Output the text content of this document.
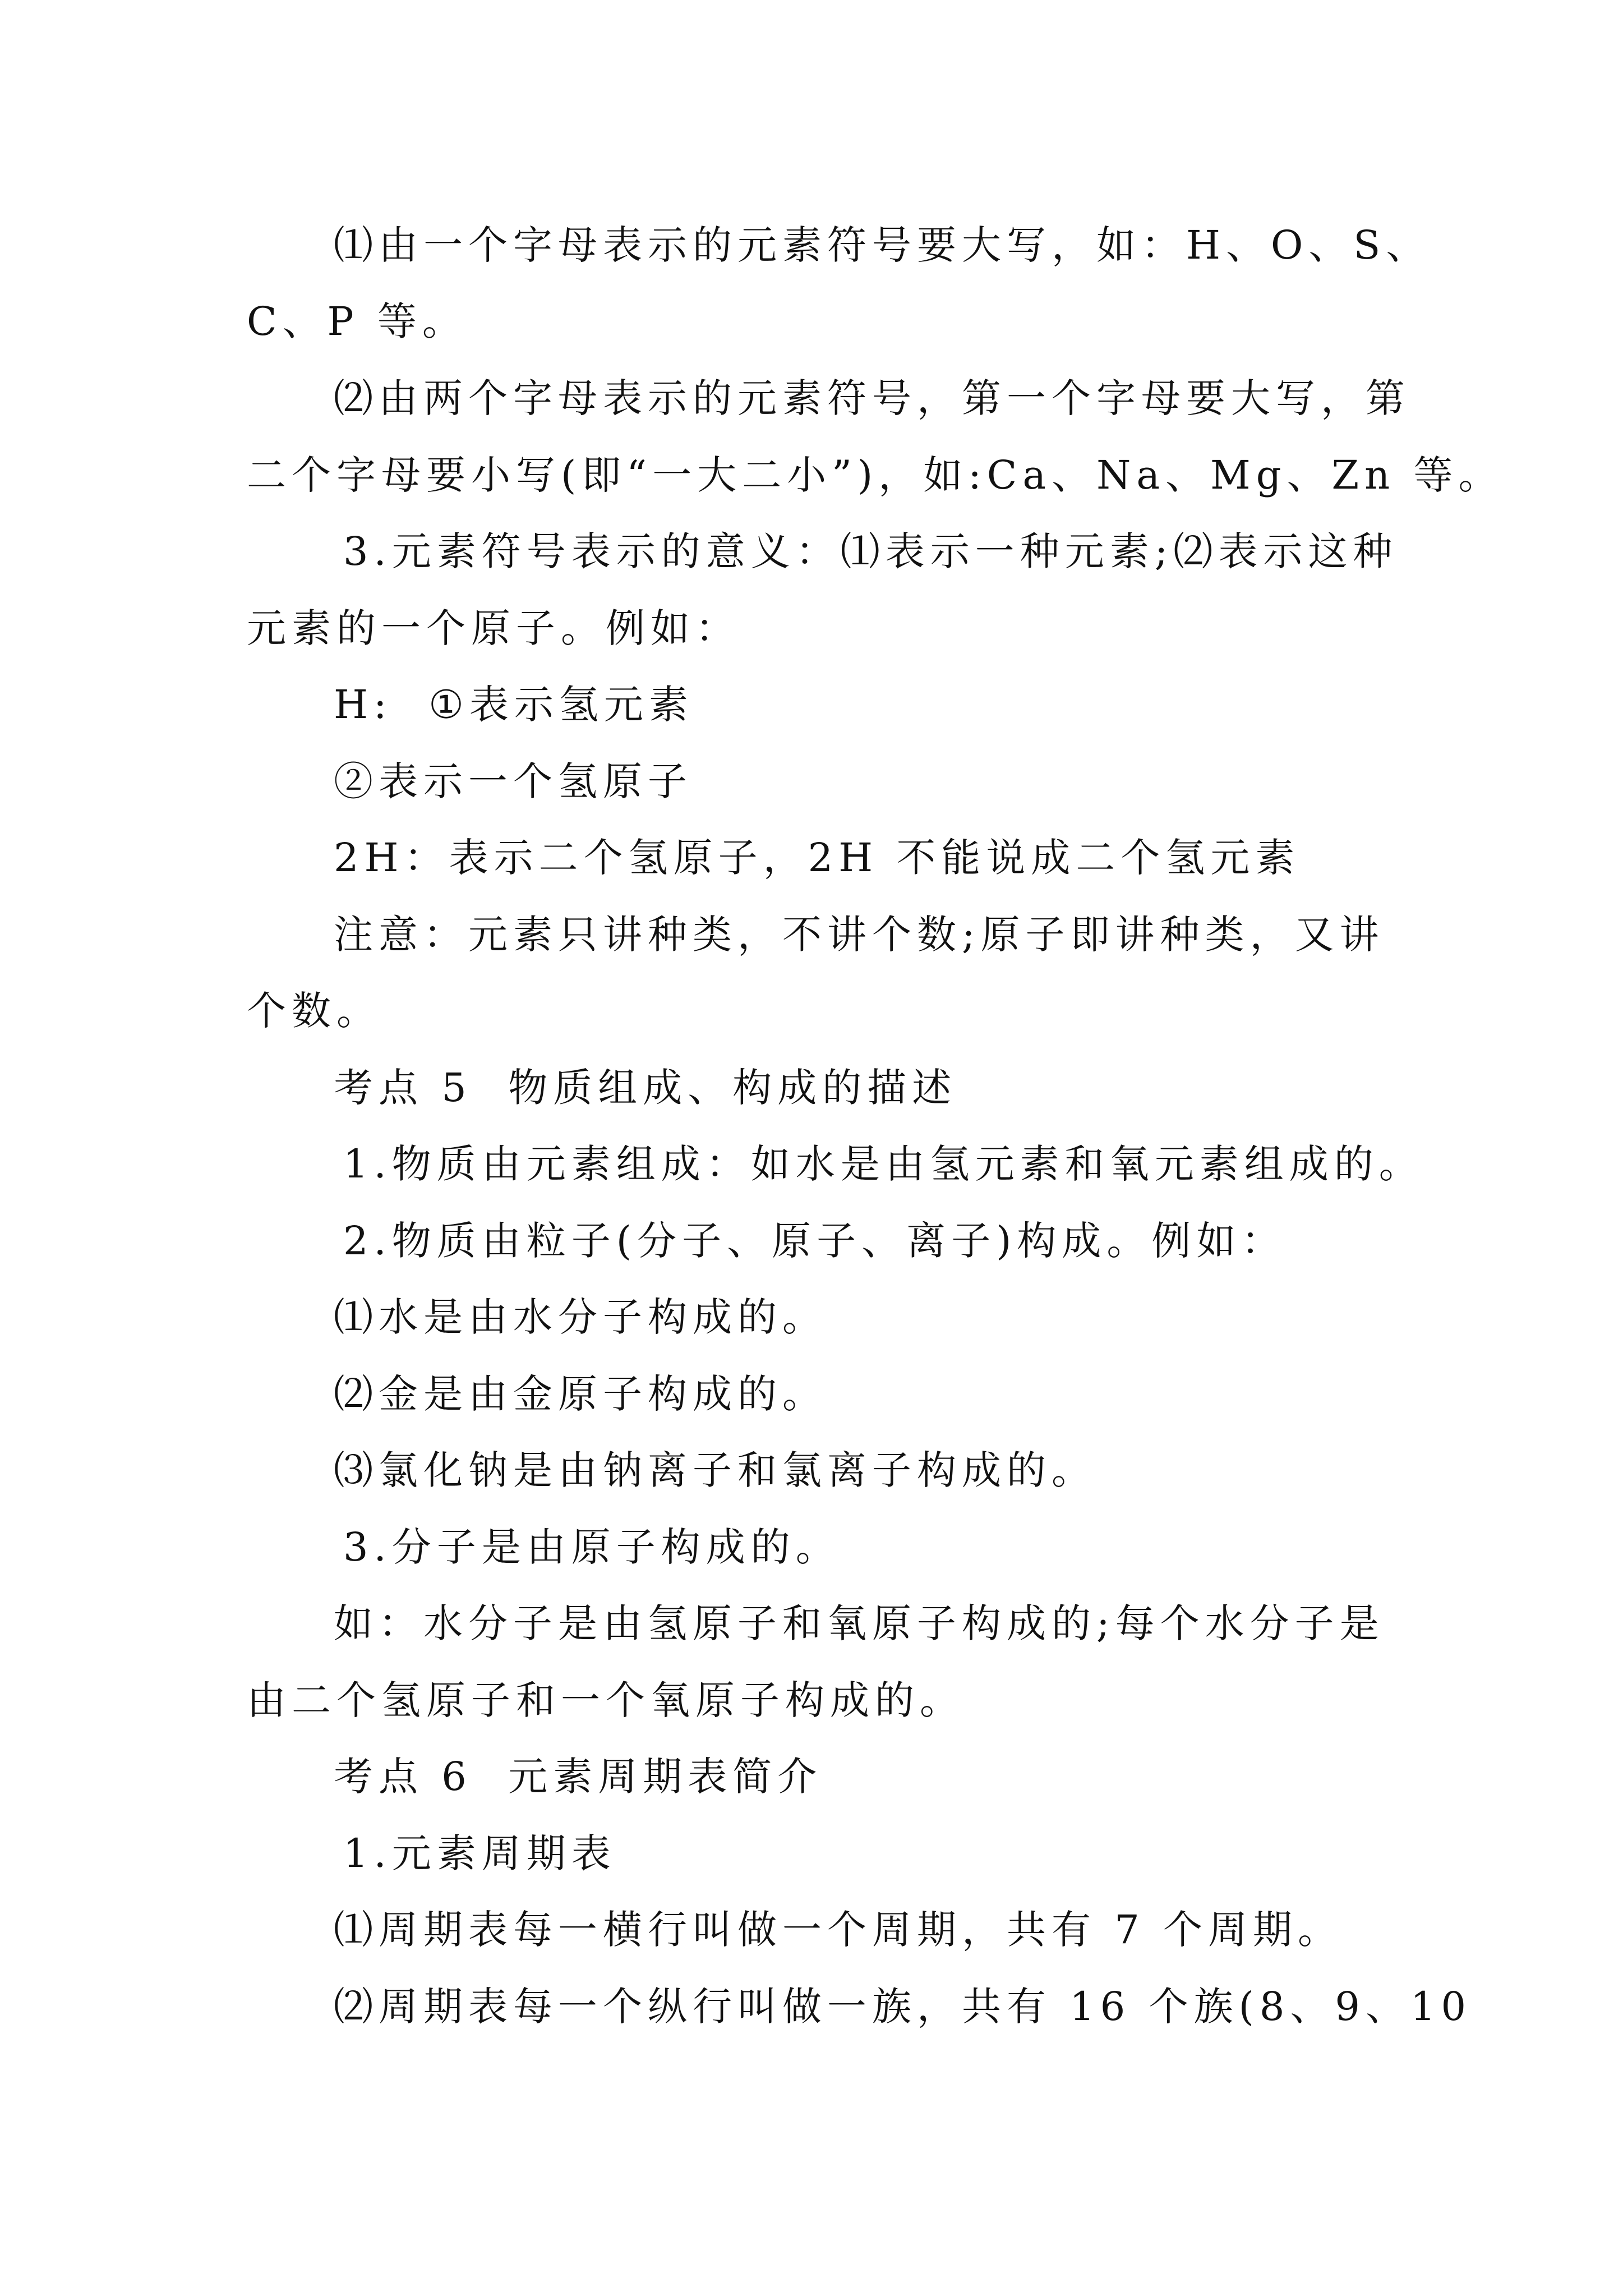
⑴由一个字母表示的元素符号要大写，如：H、O、S、
C、P 等。
⑵由两个字母表示的元素符号，第一个字母要大写，第
二个字母要小写(即“一大二小”)，如:Ca、Na、Mg、Zn 等。
3.元素符号表示的意义：⑴表示一种元素;⑵表示这种
元素的一个原子。例如：
H:  ①表示氢元素
②表示一个氢原子
2H：表示二个氢原子，2H 不能说成二个氢元素
注意：元素只讲种类，不讲个数;原子即讲种类，又讲
个数。
考点 5  物质组成、构成的描述
1.物质由元素组成：如水是由氢元素和氧元素组成的。
2.物质由粒子(分子、原子、离子)构成。例如：
⑴水是由水分子构成的。
⑵金是由金原子构成的。
⑶氯化钠是由钠离子和氯离子构成的。
3.分子是由原子构成的。
如：水分子是由氢原子和氧原子构成的;每个水分子是
由二个氢原子和一个氧原子构成的。
考点 6  元素周期表简介
1.元素周期表
⑴周期表每一横行叫做一个周期，共有 7 个周期。
⑵周期表每一个纵行叫做一族，共有 16 个族(8、9、10
